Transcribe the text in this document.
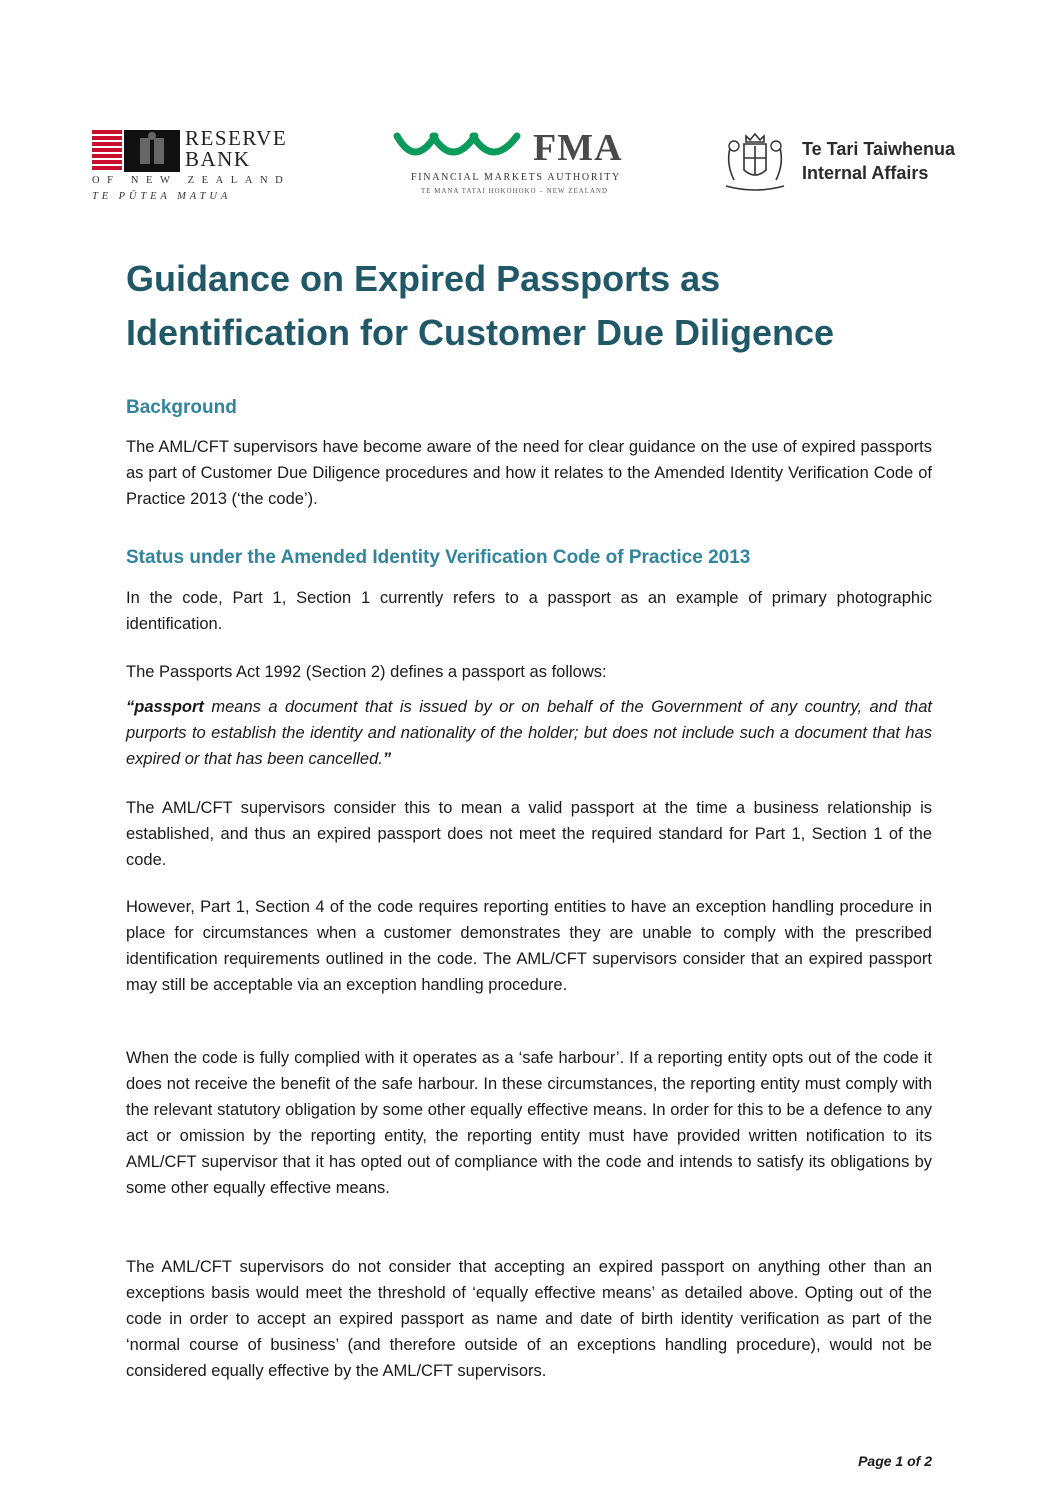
RESERVE
BANK
OF NEW ZEALAND
TE PŪTEA MATUA
FMA
FINANCIAL MARKETS AUTHORITY
TE MANA TATAI HOKOHOKO – NEW ZEALAND
Te Tari Taiwhenua
Internal Affairs
Guidance on Expired Passports as
Identification for Customer Due Diligence
Background

The AML/CFT supervisors have become aware of the need for clear guidance on the use of expired passports as part of Customer Due Diligence procedures and how it relates to the Amended Identity Verification Code of Practice 2013 (‘the code’).

Status under the Amended Identity Verification Code of Practice 2013

In the code, Part 1, Section 1 currently refers to a passport as an example of primary photographic identification.

The Passports Act 1992 (Section 2) defines a passport as follows:

“passport means a document that is issued by or on behalf of the Government of any country, and that purports to establish the identity and nationality of the holder; but does not include such a document that has expired or that has been cancelled.”

The AML/CFT supervisors consider this to mean a valid passport at the time a business relationship is established, and thus an expired passport does not meet the required standard for Part 1, Section 1 of the code.

However, Part 1, Section 4 of the code requires reporting entities to have an exception handling procedure in place for circumstances when a customer demonstrates they are unable to comply with the prescribed identification requirements outlined in the code. The AML/CFT supervisors consider that an expired passport may still be acceptable via an exception handling procedure.

When the code is fully complied with it operates as a ‘safe harbour’. If a reporting entity opts out of the code it does not receive the benefit of the safe harbour. In these circumstances, the reporting entity must comply with the relevant statutory obligation by some other equally effective means. In order for this to be a defence to any act or omission by the reporting entity, the reporting entity must have provided written notification to its AML/CFT supervisor that it has opted out of compliance with the code and intends to satisfy its obligations by some other equally effective means.

The AML/CFT supervisors do not consider that accepting an expired passport on anything other than an exceptions basis would meet the threshold of ‘equally effective means’ as detailed above. Opting out of the code in order to accept an expired passport as name and date of birth identity verification as part of the ‘normal course of business’ (and therefore outside of an exceptions handling procedure), would not be considered equally effective by the AML/CFT supervisors.

Page 1 of 2
